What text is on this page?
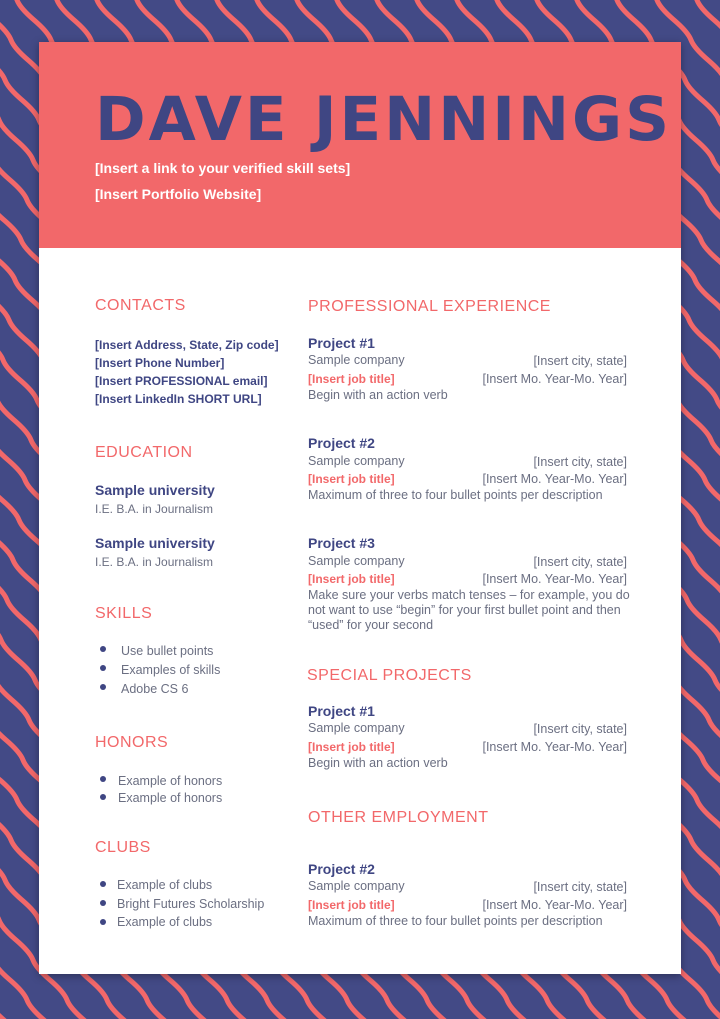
DAVE JENNINGS
[Insert a link to your verified skill sets]
[Insert Portfolio Website]
CONTACTS
[Insert Address, State, Zip code]
[Insert Phone Number]
[Insert PROFESSIONAL email]
[Insert LinkedIn SHORT URL]
EDUCATION
Sample university
I.E. B.A. in Journalism
Sample university
I.E. B.A. in Journalism
SKILLS
Use bullet points
Examples of skills
Adobe CS 6
HONORS
Example of honors
Example of honors
CLUBS
Example of clubs
Bright Futures Scholarship
Example of clubs
PROFESSIONAL EXPERIENCE
Project #1
Sample company	[Insert city, state]
[Insert job title]	[Insert Mo. Year-Mo. Year]
Begin with an action verb
Project #2
Sample company	[Insert city, state]
[Insert job title]	[Insert Mo. Year-Mo. Year]
Maximum of three to four bullet points per description
Project #3
Sample company	[Insert city, state]
[Insert job title]	[Insert Mo. Year-Mo. Year]
Make sure your verbs match tenses – for example, you do not want to use “begin” for your first bullet point and then “used” for your second
SPECIAL PROJECTS
Project #1
Sample company	[Insert city, state]
[Insert job title]	[Insert Mo. Year-Mo. Year]
Begin with an action verb
OTHER EMPLOYMENT
Project #2
Sample company	[Insert city, state]
[Insert job title]	[Insert Mo. Year-Mo. Year]
Maximum of three to four bullet points per description
